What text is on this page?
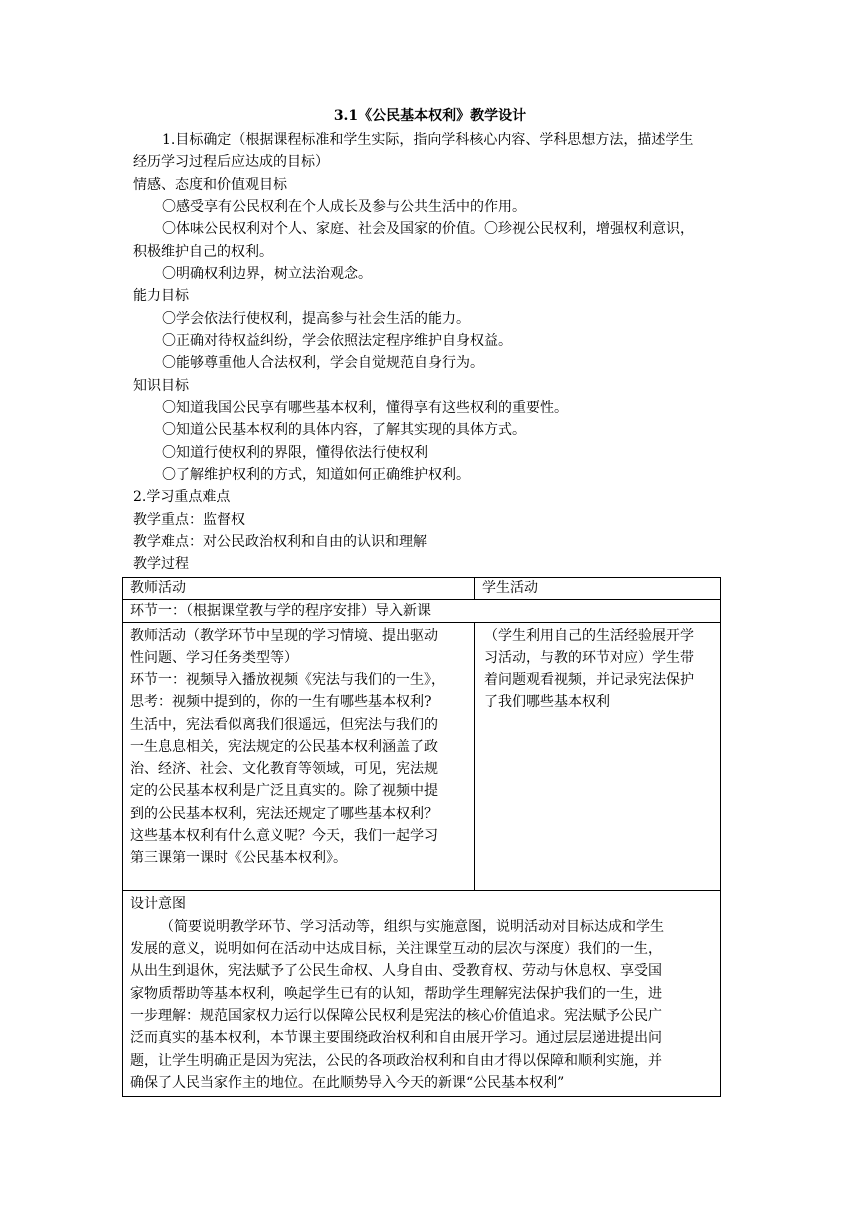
3.1《公民基本权利》教学设计
1.目标确定（根据课程标准和学生实际，指向学科核心内容、学科思想方法，描述学生
经历学习过程后应达成的目标）
情感、态度和价值观目标
〇感受享有公民权利在个人成长及参与公共生活中的作用。
〇体味公民权利对个人、家庭、社会及国家的价值。〇珍视公民权利，增强权利意识，
积极维护自己的权利。
〇明确权利边界，树立法治观念。
能力目标
〇学会依法行使权利，提高参与社会生活的能力。
〇正确对待权益纠纷，学会依照法定程序维护自身权益。
〇能够尊重他人合法权利，学会自觉规范自身行为。
知识目标
〇知道我国公民享有哪些基本权利，懂得享有这些权利的重要性。
〇知道公民基本权利的具体内容，了解其实现的具体方式。
〇知道行使权利的界限，懂得依法行使权利
〇了解维护权利的方式，知道如何正确维护权利。
2.学习重点难点
教学重点：监督权
教学难点：对公民政治权利和自由的认识和理解
教学过程
教师活动	学生活动
环节一：（根据课堂教与学的程序安排）导入新课
教师活动（教学环节中呈现的学习情境、提出驱动
性问题、学习任务类型等）
环节一：视频导入播放视频《宪法与我们的一生》，
思考：视频中提到的，你的一生有哪些基本权利?
生活中，宪法看似离我们很遥远，但宪法与我们的
一生息息相关，宪法规定的公民基本权利涵盖了政
治、经济、社会、文化教育等领域，可见，宪法规
定的公民基本权利是广泛且真实的。除了视频中提
到的公民基本权利，宪法还规定了哪些基本权利？
这些基本权利有什么意义呢？今天，我们一起学习
第三课第一课时《公民基本权利》。
（学生利用自己的生活经验展开学
习活动，与教的环节对应）学生带
着问题观看视频，并记录宪法保护
了我们哪些基本权利
设计意图
（简要说明教学环节、学习活动等，组织与实施意图，说明活动对目标达成和学生
发展的意义，说明如何在活动中达成目标，关注课堂互动的层次与深度）我们的一生，
从出生到退休，宪法赋予了公民生命权、人身自由、受教育权、劳动与休息权、享受国
家物质帮助等基本权利，唤起学生已有的认知，帮助学生理解宪法保护我们的一生，进
一步理解：规范国家权力运行以保障公民权利是宪法的核心价值追求。宪法赋予公民广
泛而真实的基本权利，本节课主要围绕政治权利和自由展开学习。通过层层递进提出问
题，让学生明确正是因为宪法，公民的各项政治权利和自由才得以保障和顺利实施，并
确保了人民当家作主的地位。在此顺势导入今天的新课“公民基本权利”
